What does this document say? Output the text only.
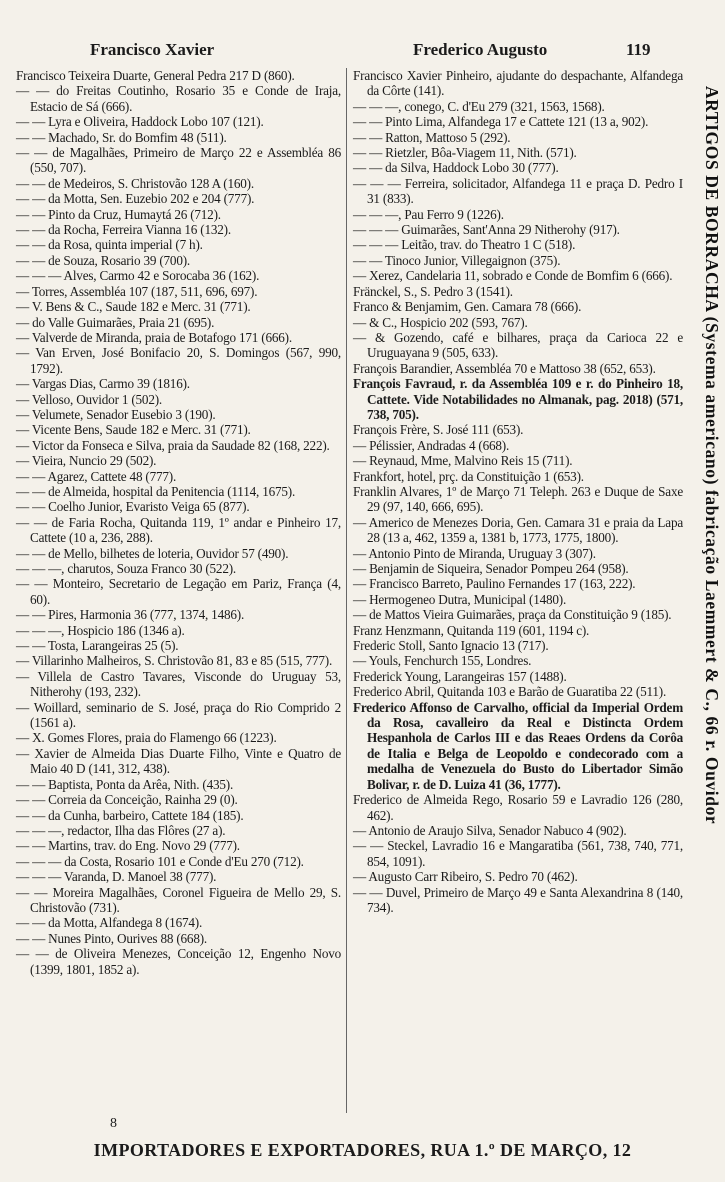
Francisco Xavier	Frederico Augusto	119

Francisco Teixeira Duarte, General Pedra 217 D (860).

— — do Freitas Coutinho, Rosario 35 e Conde de Iraja, Estacio de Sá (666).

— — Lyra e Oliveira, Haddock Lobo 107 (121).

— — Machado, Sr. do Bomfim 48 (511).

— — de Magalhães, Primeiro de Março 22 e Assembléa 86 (550, 707).

— — de Medeiros, S. Christovão 128 A (160).

— — da Motta, Sen. Euzebio 202 e 204 (777).

— — Pinto da Cruz, Humaytá 26 (712).

— — da Rocha, Ferreira Vianna 16 (132).

— — da Rosa, quinta imperial (7 h).

— — de Souza, Rosario 39 (700).

— — — Alves, Carmo 42 e Sorocaba 36 (162).

— Torres, Assembléa 107 (187, 511, 696, 697).

— V. Bens & C., Saude 182 e Merc. 31 (771).

— do Valle Guimarães, Praia 21 (695).

— Valverde de Miranda, praia de Botafogo 171 (666).

— Van Erven, José Bonifacio 20, S. Domingos (567, 990, 1792).

— Vargas Dias, Carmo 39 (1816).

— Velloso, Ouvidor 1 (502).

— Velumete, Senador Eusebio 3 (190).

— Vicente Bens, Saude 182 e Merc. 31 (771).

— Victor da Fonseca e Silva, praia da Saudade 82 (168, 222).

— Vieira, Nuncio 29 (502).

— — Agarez, Cattete 48 (777).

— — de Almeida, hospital da Penitencia (1114, 1675).

— — Coelho Junior, Evaristo Veiga 65 (877).

— — de Faria Rocha, Quitanda 119, 1º andar e Pinheiro 17, Cattete (10 a, 236, 288).

— — de Mello, bilhetes de loteria, Ouvidor 57 (490).

— — —, charutos, Souza Franco 30 (522).

— — Monteiro, Secretario de Legação em Pariz, França (4, 60).

— — Pires, Harmonia 36 (777, 1374, 1486).

— — —, Hospicio 186 (1346 a).

— — Tosta, Larangeiras 25 (5).

— Villarinho Malheiros, S. Christovão 81, 83 e 85 (515, 777).

— Villela de Castro Tavares, Visconde do Uruguay 53, Nitherohy (193, 232).

— Woillard, seminario de S. José, praça do Rio Comprido 2 (1561 a).

— X. Gomes Flores, praia do Flamengo 66 (1223).

— Xavier de Almeida Dias Duarte Filho, Vinte e Quatro de Maio 40 D (141, 312, 438).

— — Baptista, Ponta da Arêa, Nith. (435).

— — Correia da Conceição, Rainha 29 (0).

— — da Cunha, barbeiro, Cattete 184 (185).

— — —, redactor, Ilha das Flôres (27 a).

— — Martins, trav. do Eng. Novo 29 (777).

— — — da Costa, Rosario 101 e Conde d'Eu 270 (712).

— — — Varanda, D. Manoel 38 (777).

— — Moreira Magalhães, Coronel Figueira de Mello 29, S. Christovão (731).

— — da Motta, Alfandega 8 (1674).

— — Nunes Pinto, Ourives 88 (668).

— — de Oliveira Menezes, Conceição 12, Engenho Novo (1399, 1801, 1852 a).

Francisco Xavier Pinheiro, ajudante do despachante, Alfandega da Côrte (141).

— — —, conego, C. d'Eu 279 (321, 1563, 1568).

— — Pinto Lima, Alfandega 17 e Cattete 121 (13 a, 902).

— — Ratton, Mattoso 5 (292).

— — Rietzler, Bôa-Viagem 11, Nith. (571).

— — da Silva, Haddock Lobo 30 (777).

— — — Ferreira, solicitador, Alfandega 11 e praça D. Pedro I 31 (833).

— — —, Pau Ferro 9 (1226).

— — — Guimarães, Sant'Anna 29 Nitherohy (917).

— — — Leitão, trav. do Theatro 1 C (518).

— — Tinoco Junior, Villegaignon (375).

— Xerez, Candelaria 11, sobrado e Conde de Bomfim 6 (666).

Fränckel, S., S. Pedro 3 (1541).

Franco & Benjamim, Gen. Camara 78 (666).

— & C., Hospicio 202 (593, 767).

— & Gozendo, café e bilhares, praça da Carioca 22 e Uruguayana 9 (505, 633).

François Barandier, Assembléa 70 e Mattoso 38 (652, 653).

François Favraud, r. da Assembléa 109 e r. do Pinheiro 18, Cattete. Vide Notabilidades no Almanak, pag. 2018) (571, 738, 705).

François Frère, S. José 111 (653).

— Pélissier, Andradas 4 (668).

— Reynaud, Mme, Malvino Reis 15 (711).

Frankfort, hotel, prç. da Constituição 1 (653).

Franklin Alvares, 1º de Março 71 Teleph. 263 e Duque de Saxe 29 (97, 140, 666, 695).

— Americo de Menezes Doria, Gen. Camara 31 e praia da Lapa 28 (13 a, 462, 1359 a, 1381 b, 1773, 1775, 1800).

— Antonio Pinto de Miranda, Uruguay 3 (307).

— Benjamin de Siqueira, Senador Pompeu 264 (958).

— Francisco Barreto, Paulino Fernandes 17 (163, 222).

— Hermogeneo Dutra, Municipal (1480).

— de Mattos Vieira Guimarães, praça da Constituição 9 (185).

Franz Henzmann, Quitanda 119 (601, 1194 c).

Frederic Stoll, Santo Ignacio 13 (717).

— Youls, Fenchurch 155, Londres.

Frederick Young, Larangeiras 157 (1488).

Frederico Abril, Quitanda 103 e Barão de Guaratiba 22 (511).

Frederico Affonso de Carvalho, official da Imperial Ordem da Rosa, cavalleiro da Real e Distincta Ordem Hespanhola de Carlos III e das Reaes Ordens da Corôa de Italia e Belga de Leopoldo e condecorado com a medalha de Venezuela do Busto do Libertador Simão Bolivar, r. de D. Luiza 41 (36, 1777).

Frederico de Almeida Rego, Rosario 59 e Lavradio 126 (280, 462).

— Antonio de Araujo Silva, Senador Nabuco 4 (902).

— — Steckel, Lavradio 16 e Mangaratiba (561, 738, 740, 771, 854, 1091).

— Augusto Carr Ribeiro, S. Pedro 70 (462).

— — Duvel, Primeiro de Março 49 e Santa Alexandrina 8 (140, 734).

ARTIGOS DE BORRACHA (Systema americano) fabricação Laemmert & C., 66 r. Ouvidor
8
IMPORTADORES E EXPORTADORES, RUA 1.º DE MARÇO, 12
